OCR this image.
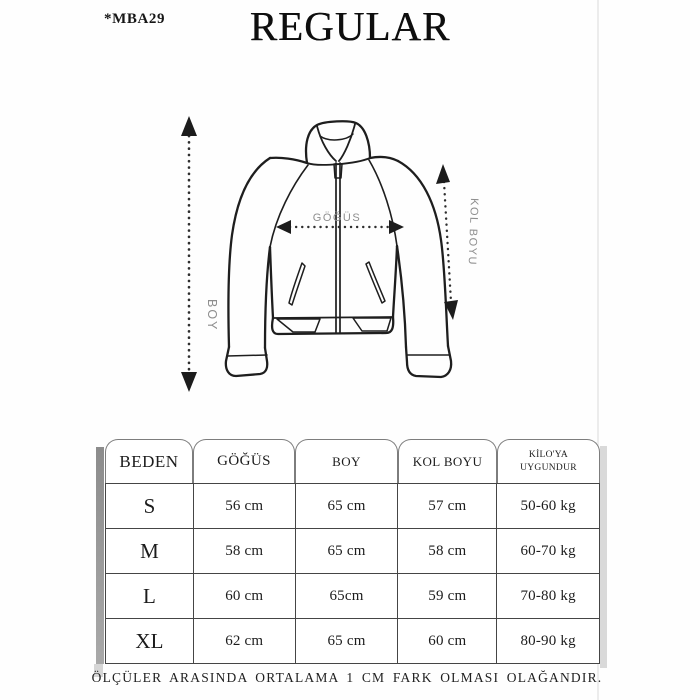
*MBA29	REGULAR
BOY
GÖĞÜS	KOL BOYU
BEDEN	GÖĞÜS	BOY	KOL BOYU	KİLO'YA UYGUNDUR
S	56 cm	65 cm	57 cm	50-60 kg
M	58 cm	65 cm	58 cm	60-70 kg
L	60 cm	65cm	59 cm	70-80 kg
XL	62 cm	65 cm	60 cm	80-90 kg
ÖLÇÜLER ARASINDA ORTALAMA 1 CM FARK OLMASI OLAĞANDIR.
